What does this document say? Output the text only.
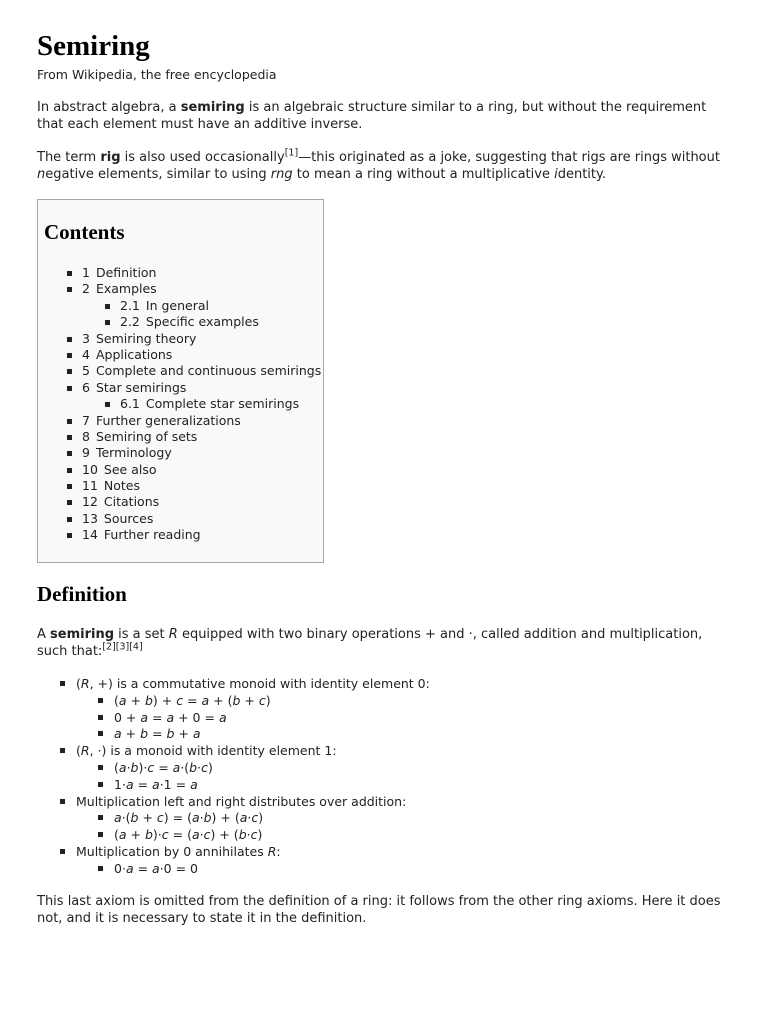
Semiring
From Wikipedia, the free encyclopedia

In abstract algebra, a semiring is an algebraic structure similar to a ring, but without the requirement that each element must have an additive inverse.

The term rig is also used occasionally[1]—this originated as a joke, suggesting that rigs are rings without negative elements, similar to using rng to mean a ring without a multiplicative identity.

Contents
1 Definition
2 Examples
2.1 In general
2.2 Specific examples
3 Semiring theory
4 Applications
5 Complete and continuous semirings
6 Star semirings
6.1 Complete star semirings
7 Further generalizations
8 Semiring of sets
9 Terminology
10 See also
11 Notes
12 Citations
13 Sources
14 Further reading
Definition

A semiring is a set R equipped with two binary operations + and ·, called addition and multiplication, such that:[2][3][4]

(R, +) is a commutative monoid with identity element 0:
(a + b) + c = a + (b + c)
0 + a = a + 0 = a
a + b = b + a
(R, ·) is a monoid with identity element 1:
(a·b)·c = a·(b·c)
1·a = a·1 = a
Multiplication left and right distributes over addition:
a·(b + c) = (a·b) + (a·c)
(a + b)·c = (a·c) + (b·c)
Multiplication by 0 annihilates R:
0·a = a·0 = 0

This last axiom is omitted from the definition of a ring: it follows from the other ring axioms. Here it does not, and it is necessary to state it in the definition.
